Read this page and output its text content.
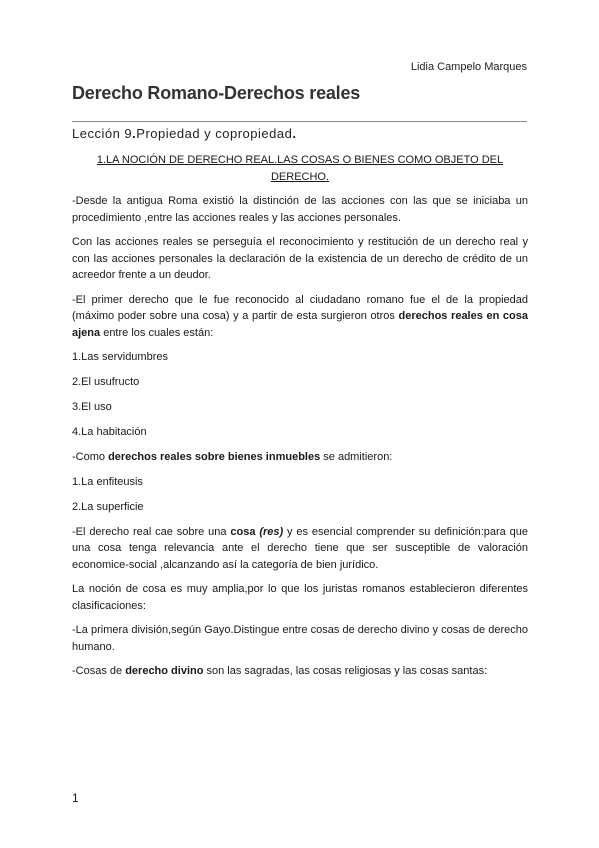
Lidia Campelo Marques
Derecho Romano-Derechos reales
Lección 9.Propiedad y copropiedad.
1.LA NOCIÓN DE DERECHO REAL.LAS COSAS O BIENES COMO OBJETO DEL DERECHO.

-Desde la antigua Roma existió la distinción de las acciones con las que se iniciaba un procedimiento ,entre las acciones reales y las acciones personales.

Con las acciones reales se perseguía el reconocimiento y restitución de un derecho real y con las acciones personales la declaración de la existencia de un derecho de crédito de un acreedor frente a un deudor.

-El primer derecho que le fue reconocido al ciudadano romano fue el de la propiedad (máximo poder sobre una cosa) y a partir de esta surgieron otros derechos reales en cosa ajena entre los cuales están:

1.Las servidumbres

2.El usufructo

3.El uso

4.La habitación

-Como derechos reales sobre bienes inmuebles se admitieron:

1.La enfiteusis

2.La superficie

-El derecho real cae sobre una cosa (res) y es esencial comprender su definición:para que una cosa tenga relevancia ante el derecho tiene que ser susceptible de valoración economice-social ,alcanzando así la categoría de bien jurídico.

La noción de cosa es muy amplia,por lo que los juristas romanos establecieron diferentes clasificaciones:

-La primera división,según Gayo.Distingue entre cosas de derecho divino y cosas de derecho humano.

-Cosas de derecho divino son las sagradas, las cosas religiosas y las cosas santas:

1
